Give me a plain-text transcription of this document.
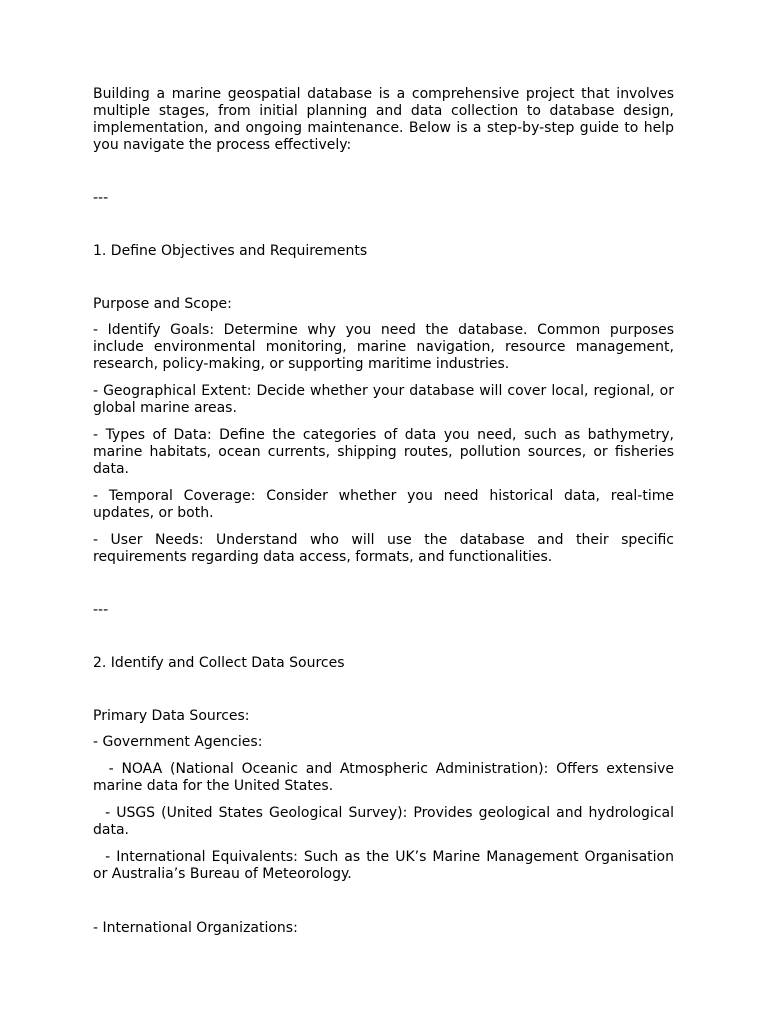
Building a marine geospatial database is a comprehensive project that involves multiple stages, from initial planning and data collection to database design, implementation, and ongoing maintenance. Below is a step-by-step guide to help you navigate the process effectively:

---

1. Define Objectives and Requirements

Purpose and Scope:

- Identify Goals: Determine why you need the database. Common purposes include environmental monitoring, marine navigation, resource management, research, policy-making, or supporting maritime industries.

- Geographical Extent: Decide whether your database will cover local, regional, or global marine areas.

- Types of Data: Define the categories of data you need, such as bathymetry, marine habitats, ocean currents, shipping routes, pollution sources, or fisheries data.

- Temporal Coverage: Consider whether you need historical data, real-time updates, or both.

- User Needs: Understand who will use the database and their specific requirements regarding data access, formats, and functionalities.

---

2. Identify and Collect Data Sources

Primary Data Sources:

- Government Agencies:

- NOAA (National Oceanic and Atmospheric Administration): Offers extensive marine data for the United States.

- USGS (United States Geological Survey): Provides geological and hydrological data.

- International Equivalents: Such as the UK’s Marine Management Organisation or Australia’s Bureau of Meteorology.

- International Organizations:
